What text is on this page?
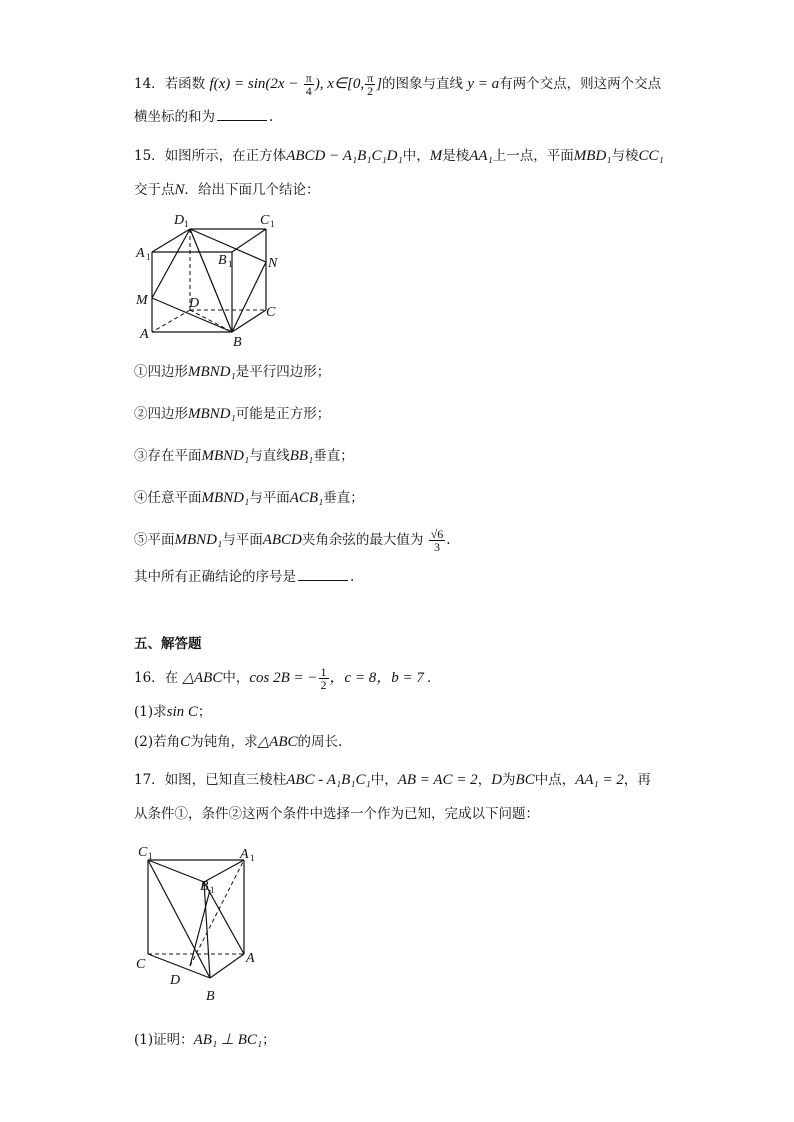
14．若函数 $f(x) = \sin(2x - \frac{\pi}{4}$ ), x∈[0, $\frac{\pi}{2}$ ]的图象与直线 y = a有两个交点，则这两个交点
横坐标的和为	.
15．如图所示，在正方体ABCD − A₁B₁C₁D₁中，M是棱AA₁上一点，平面MBD₁与棱CC₁
交于点N．给出下面几个结论：
D 1	C 1
A 1	B 1	N
M	D
C
A
B
①四边形MBND₁是平行四边形；
②四边形MBND₁可能是正方形；
③存在平面MBND₁与直线BB₁垂直；
④任意平面MBND₁与平面ACB₁垂直；
⑤平面MBND₁与平面ABCD夹角余弦的最大值为 $\frac{√6}{3}$ .
其中所有正确结论的序号是	.
五、解答题
16．在 △ABC中，cos 2B = − $\frac{1}{2}$ ，c = 8，b = 7 .
(1)求sin C；
(2)若角C为钝角，求△ABC的周长.
17．如图，已知直三棱柱ABC - A₁B₁C₁中，AB = AC = 2，D为BC中点，AA₁ = 2，再
从条件①，条件②这两个条件中选择一个作为已知，完成以下问题：
C 1	A 1
B 1
C	A
D
B
(1)证明：AB₁ ⊥ BC₁；
